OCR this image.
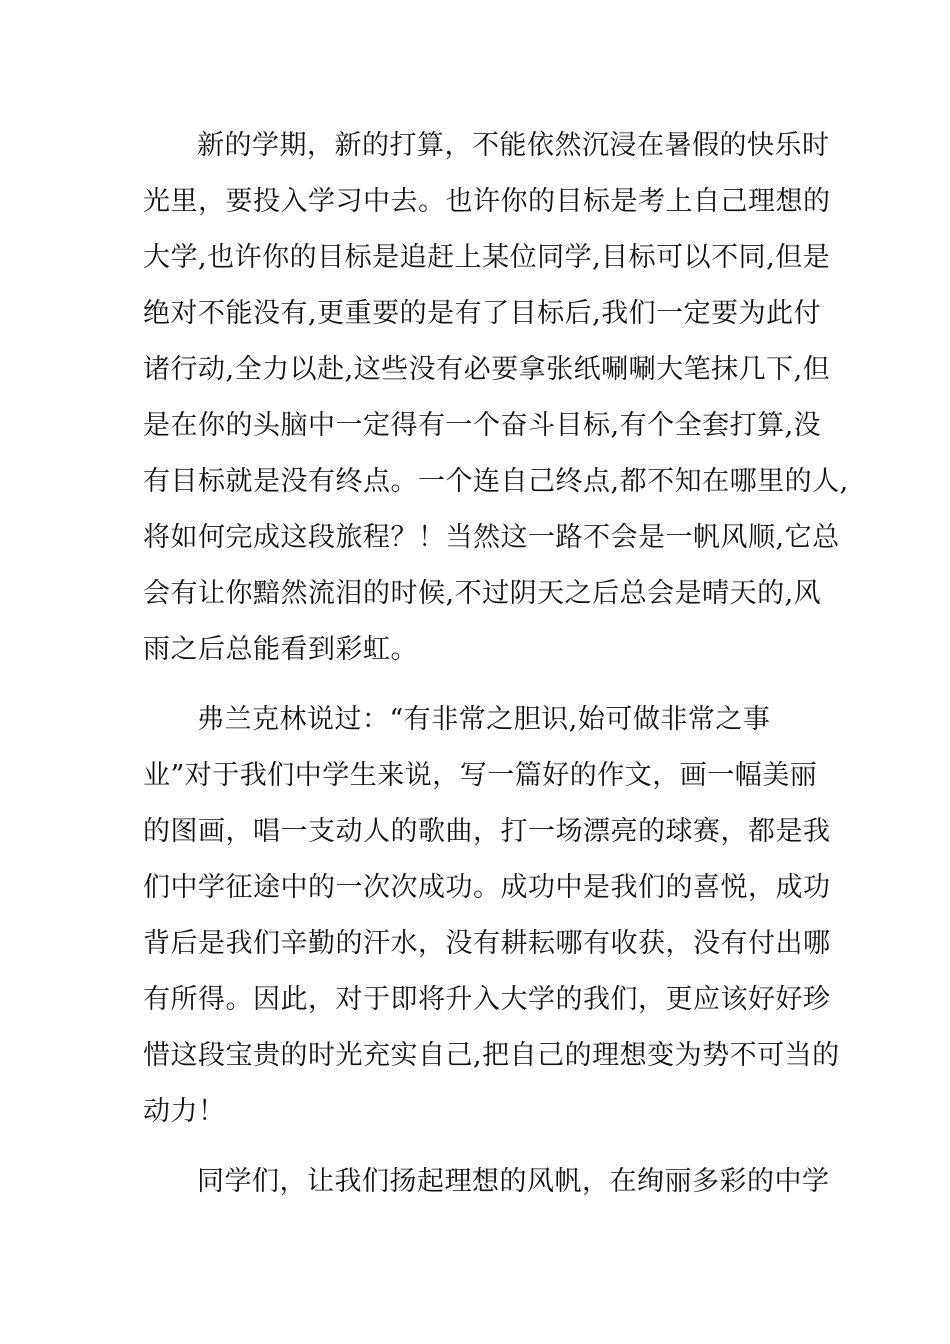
新的学期，新的打算，不能依然沉浸在暑假的快乐时
光里，要投入学习中去。也许你的目标是考上自己理想的
大学,也许你的目标是追赶上某位同学,目标可以不同,但是
绝对不能没有,更重要的是有了目标后,我们一定要为此付
诸行动,全力以赴,这些没有必要拿张纸唰唰大笔抹几下,但
是在你的头脑中一定得有一个奋斗目标,有个全套打算,没
有目标就是没有终点。一个连自己终点,都不知在哪里的人,
将如何完成这段旅程？！当然这一路不会是一帆风顺,它总
会有让你黯然流泪的时候,不过阴天之后总会是晴天的,风
雨之后总能看到彩虹。
弗兰克林说过：“有非常之胆识,始可做非常之事
业”对于我们中学生来说，写一篇好的作文，画一幅美丽
的图画，唱一支动人的歌曲，打一场漂亮的球赛，都是我
们中学征途中的一次次成功。成功中是我们的喜悦，成功
背后是我们辛勤的汗水，没有耕耘哪有收获，没有付出哪
有所得。因此，对于即将升入大学的我们，更应该好好珍
惜这段宝贵的时光充实自己,把自己的理想变为势不可当的
动力！
同学们，让我们扬起理想的风帆，在绚丽多彩的中学
